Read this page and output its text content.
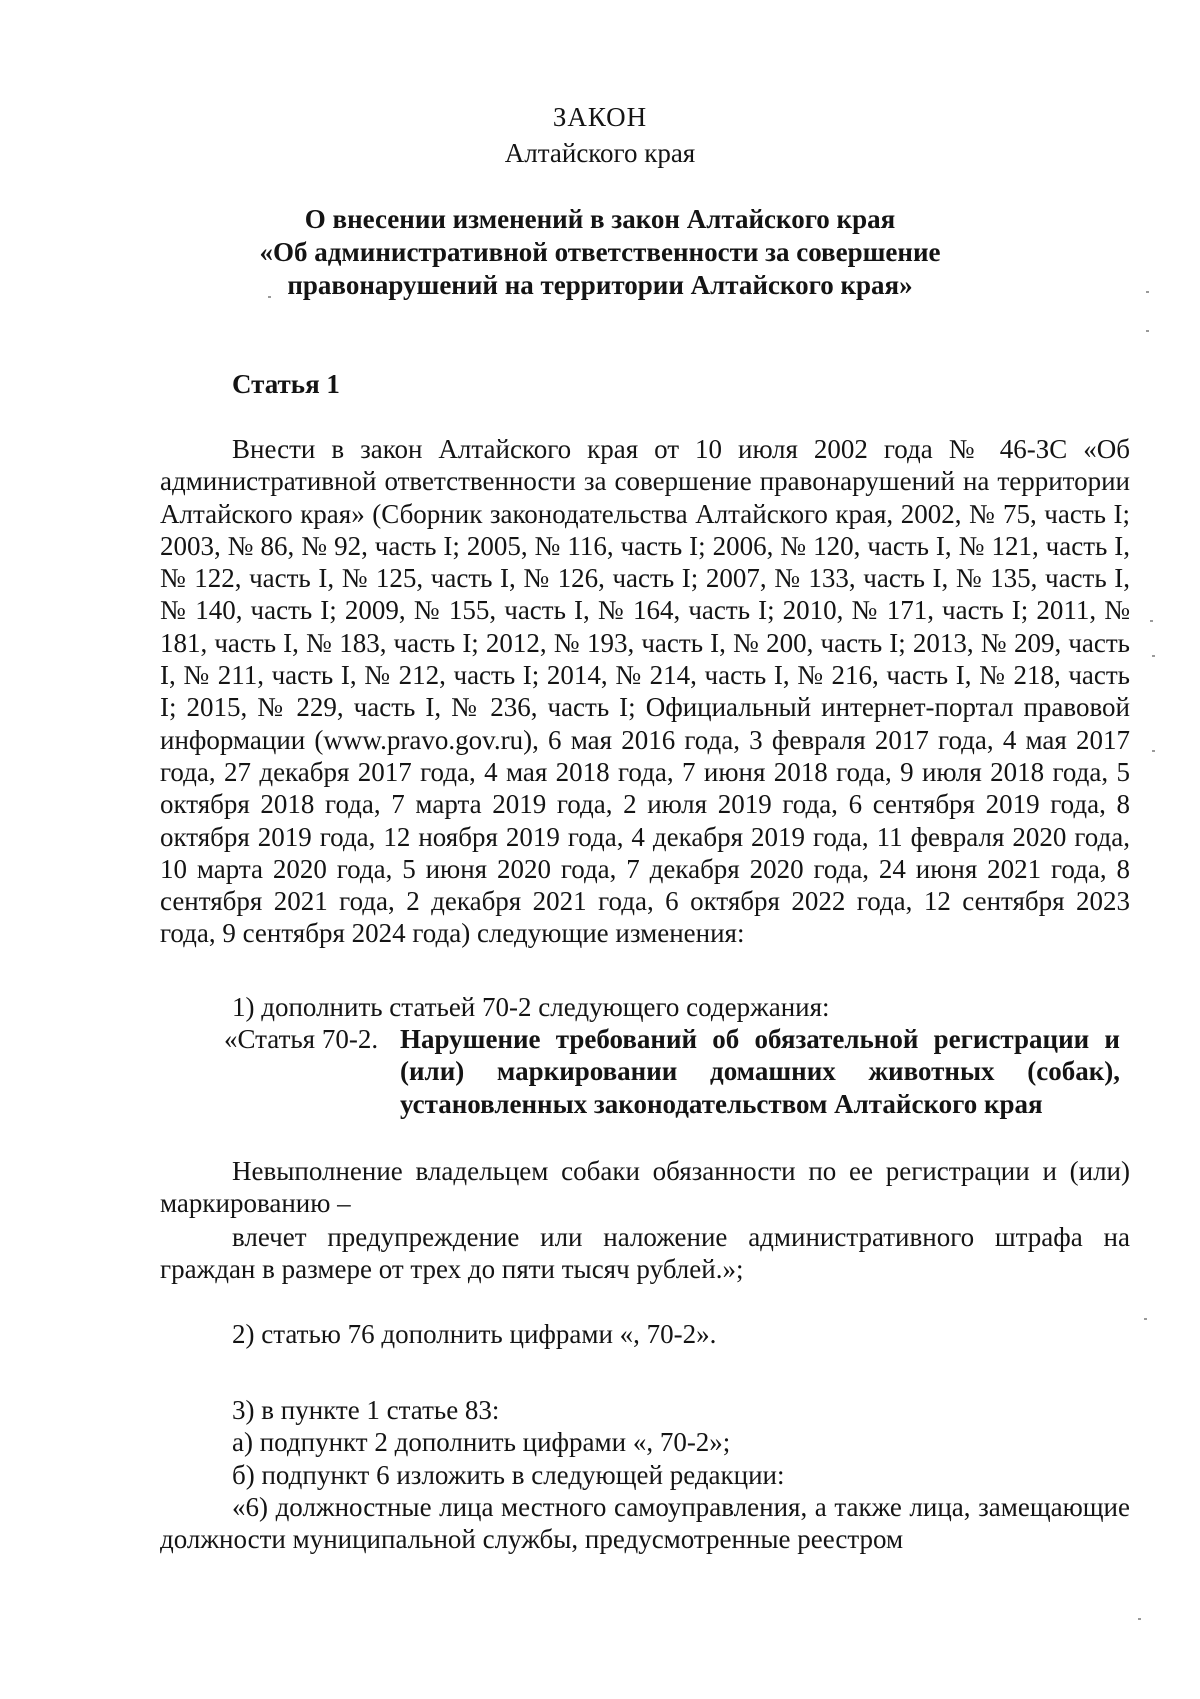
ЗАКОН
Алтайского края
О внесении изменений в закон Алтайского края
«Об административной ответственности за совершение
правонарушений на территории Алтайского края»
Статья 1
Внести в закон Алтайского края от 10 июля 2002 года № 46-ЗС «Об административной ответственности за совершение правонарушений на территории Алтайского края» (Сборник законодательства Алтайского края, 2002, № 75, часть I; 2003, № 86, № 92, часть I; 2005, № 116, часть I; 2006, № 120, часть I, № 121, часть I, № 122, часть I, № 125, часть I, № 126, часть I; 2007, № 133, часть I, № 135, часть I, № 140, часть I; 2009, № 155, часть I, № 164, часть I; 2010, № 171, часть I; 2011, № 181, часть I, № 183, часть I; 2012, № 193, часть I, № 200, часть I; 2013, № 209, часть I, № 211, часть I, № 212, часть I; 2014, № 214, часть I, № 216, часть I, № 218, часть I; 2015, № 229, часть I, № 236, часть I; Официальный интернет-портал правовой информации (www.pravo.gov.ru), 6 мая 2016 года, 3 февраля 2017 года, 4 мая 2017 года, 27 декабря 2017 года, 4 мая 2018 года, 7 июня 2018 года, 9 июля 2018 года, 5 октября 2018 года, 7 марта 2019 года, 2 июля 2019 года, 6 сентября 2019 года, 8 октября 2019 года, 12 ноября 2019 года, 4 декабря 2019 года, 11 февраля 2020 года, 10 марта 2020 года, 5 июня 2020 года, 7 декабря 2020 года, 24 июня 2021 года, 8 сентября 2021 года, 2 декабря 2021 года, 6 октября 2022 года, 12 сентября 2023 года, 9 сентября 2024 года) следующие изменения:
1) дополнить статьей 70-2 следующего содержания:
«Статья 70-2. Нарушение требований об обязательной регистрации и (или) маркировании домашних животных (собак), установленных законодательством Алтайского края
Невыполнение владельцем собаки обязанности по ее регистрации и (или) маркированию –
влечет предупреждение или наложение административного штрафа на граждан в размере от трех до пяти тысяч рублей.»;
2) статью 76 дополнить цифрами «, 70-2».
3) в пункте 1 статье 83:
а) подпункт 2 дополнить цифрами «, 70-2»;
б) подпункт 6 изложить в следующей редакции:
«6) должностные лица местного самоуправления, а также лица, замещающие должности муниципальной службы, предусмотренные реестром
